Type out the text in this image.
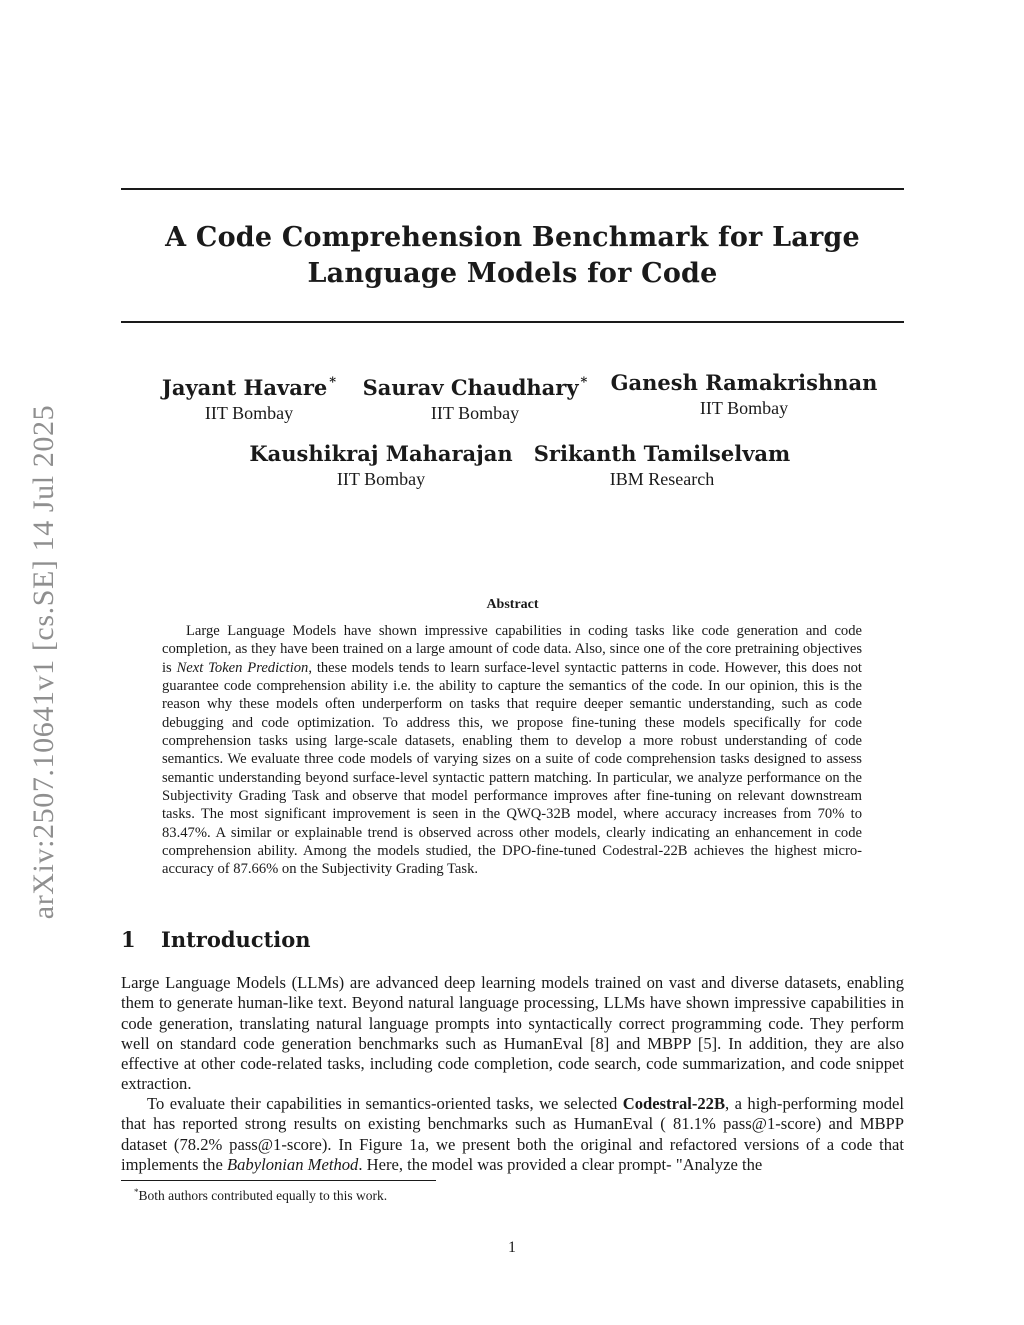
arXiv:2507.10641v1 [cs.SE] 14 Jul 2025
A Code Comprehension Benchmark for Large Language Models for Code
Jayant Havare *
IIT Bombay
Saurav Chaudhary *
IIT Bombay
Ganesh Ramakrishnan
IIT Bombay
Kaushikraj Maharajan
IIT Bombay
Srikanth Tamilselvam
IBM Research
Abstract

Large Language Models have shown impressive capabilities in coding tasks like code generation and code completion, as they have been trained on a large amount of code data. Also, since one of the core pretraining objectives is Next Token Prediction, these models tends to learn surface-level syntactic patterns in code. However, this does not guarantee code comprehension ability i.e. the ability to capture the semantics of the code. In our opinion, this is the reason why these models often underperform on tasks that require deeper semantic understanding, such as code debugging and code optimization. To address this, we propose fine-tuning these models specifically for code comprehension tasks using large-scale datasets, enabling them to develop a more robust understanding of code semantics. We evaluate three code models of varying sizes on a suite of code comprehension tasks designed to assess semantic understanding beyond surface-level syntactic pattern matching. In particular, we analyze performance on the Subjectivity Grading Task and observe that model performance improves after fine-tuning on relevant downstream tasks. The most significant improvement is seen in the QWQ-32B model, where accuracy increases from 70% to 83.47%. A similar or explainable trend is observed across other models, clearly indicating an enhancement in code comprehension ability. Among the models studied, the DPO-fine-tuned Codestral-22B achieves the highest micro-accuracy of 87.66% on the Subjectivity Grading Task.

1 Introduction

Large Language Models (LLMs) are advanced deep learning models trained on vast and diverse datasets, enabling them to generate human-like text. Beyond natural language processing, LLMs have shown impressive capabilities in code generation, translating natural language prompts into syntactically correct programming code. They perform well on standard code generation benchmarks such as HumanEval [8] and MBPP [5]. In addition, they are also effective at other code-related tasks, including code completion, code search, code summarization, and code snippet extraction.

To evaluate their capabilities in semantics-oriented tasks, we selected Codestral-22B, a high-performing model that has reported strong results on existing benchmarks such as HumanEval ( 81.1% pass@1-score) and MBPP dataset (78.2% pass@1-score). In Figure 1a, we present both the original and refactored versions of a code that implements the Babylonian Method. Here, the model was provided a clear prompt- "Analyze the

*Both authors contributed equally to this work.
1
